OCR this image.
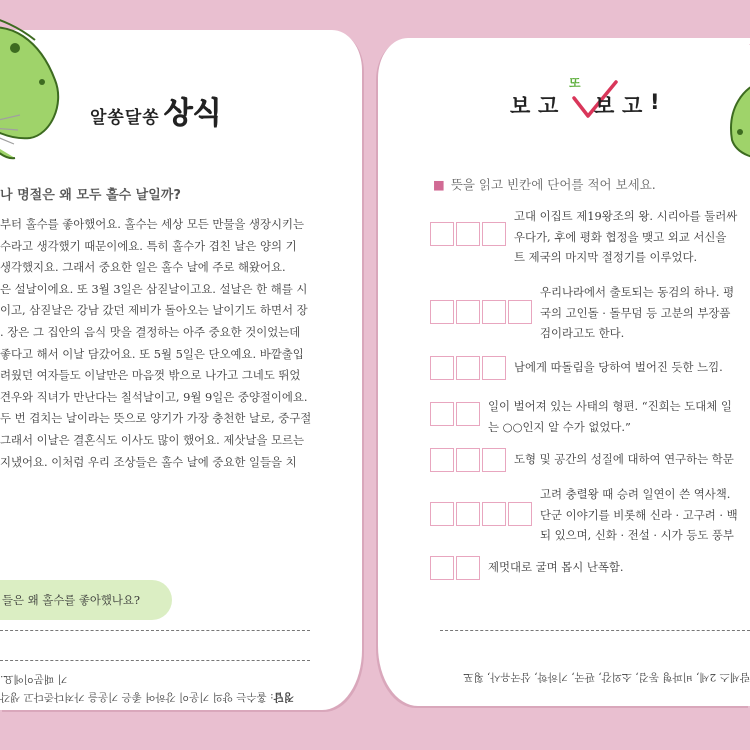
알쏭달쏭 상식
나 명절은 왜 모두 홀수 날일까?
부터 홀수를 좋아했어요. 홀수는 세상 모든 만물을 생장시키는
수라고 생각했기 때문이에요. 특히 홀수가 겹친 날은 양의 기
생각했지요. 그래서 중요한 일은 홀수 날에 주로 해왔어요.
은 설날이에요. 또 3월 3일은 삼짇날이고요. 설날은 한 해를 시
이고, 삼짇날은 강남 갔던 제비가 돌아오는 날이기도 하면서 장
. 장은 그 집안의 음식 맛을 결정하는 아주 중요한 것이었는데
좋다고 해서 이날 담갔어요. 또 5월 5일은 단오예요. 바깥출입
려웠던 여자들도 이날만은 마음껏 밖으로 나가고 그네도 뛰었
견우와 직녀가 만난다는 칠석날이고, 9월 9일은 중양절이에요.
두 번 겹치는 날이라는 뜻으로 양기가 가장 충천한 날로, 중구절
그래서 이날은 결혼식도 이사도 많이 했어요. 제삿날을 모르는
지냈어요. 이처럼 우리 조상들은 홀수 날에 중요한 일들을 치
들은 왜 홀수를 좋아했나요?
기 때문이에요.
정답: 홀수는 양의 기운이 강하여 좋은 기운을 가져다준다고 생각
보 고
또
보 고 !
■ 뜻을 읽고 빈칸에 단어를 적어 보세요.
고대 이집트 제19왕조의 왕. 시리아를 둘러싸
우다가, 후에 평화 협정을 맺고 외교 서신을
트 제국의 마지막 절정기를 이루었다.
우리나라에서 출토되는 동검의 하나. 평
국의 고인돌 · 돌무덤 등 고분의 부장품
검이라고도 한다.
남에게 따돌림을 당하여 벌어진 듯한 느낌.
일이 벌어져 있는 사태의 형편. “진희는 도대체 일
는 ○○인지 알 수가 없었다.”
도형 및 공간의 성질에 대하여 연구하는 학문
고려 충렬왕 때 승려 일연이 쓴 역사책.
단군 이야기를 비롯해 신라 · 고구려 · 백
되 있으며, 신화 · 전설 · 시가 등도 풍부
제멋대로 굴며 몹시 난폭함.
람세스 2세, 비파형 동검, 소외감, 판국, 기하학, 삼국유사, 횡포
